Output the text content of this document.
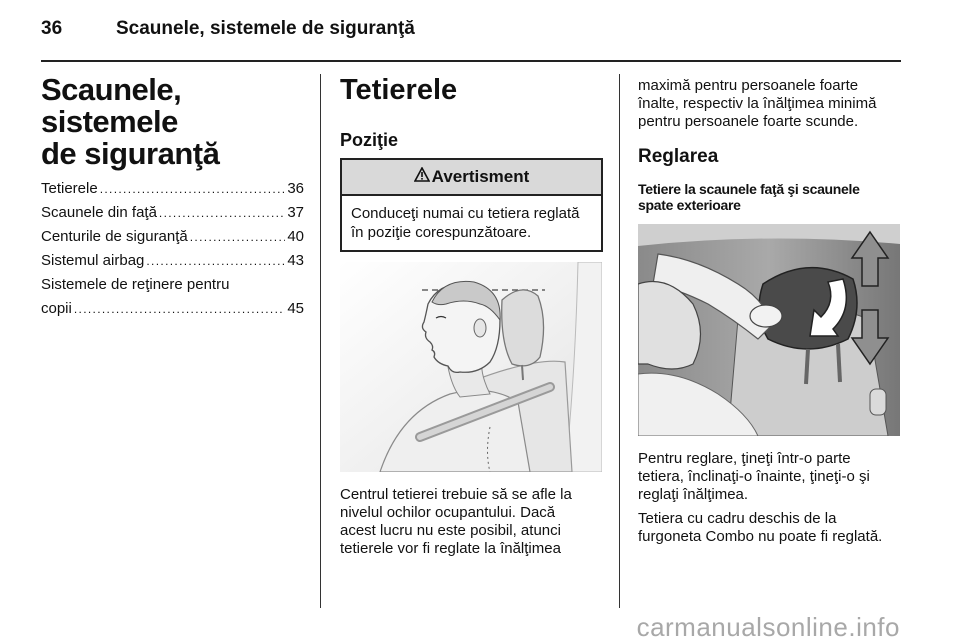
36	Scaunele, sistemele de siguranţă
Scaunele, sistemele
de siguranţă
Tetierele . . .	36
Scaunele din faţă . . .	37
Centurile de siguranţă . . .	40
Sistemul airbag . . .	43
Sistemele de reţinere pentru
copii . . .	45
Tetierele
Poziţie
Avertisment
Conduceţi numai cu tetiera reglată
în poziţie corespunzătoare.
Centrul tetierei trebuie să se afle la
nivelul ochilor ocupantului. Dacă
acest lucru nu este posibil, atunci
tetierele vor fi reglate la înălţimea
maximă pentru persoanele foarte
înalte, respectiv la înălţimea minimă
pentru persoanele foarte scunde.
Reglarea
Tetiere la scaunele faţă şi scaunele
spate exterioare
Pentru reglare, ţineţi într-o parte
tetiera, înclinaţi-o înainte, ţineţi-o şi
reglaţi înălţimea.
Tetiera cu cadru deschis de la
furgoneta Combo nu poate fi reglată.
carmanualsonline.info
